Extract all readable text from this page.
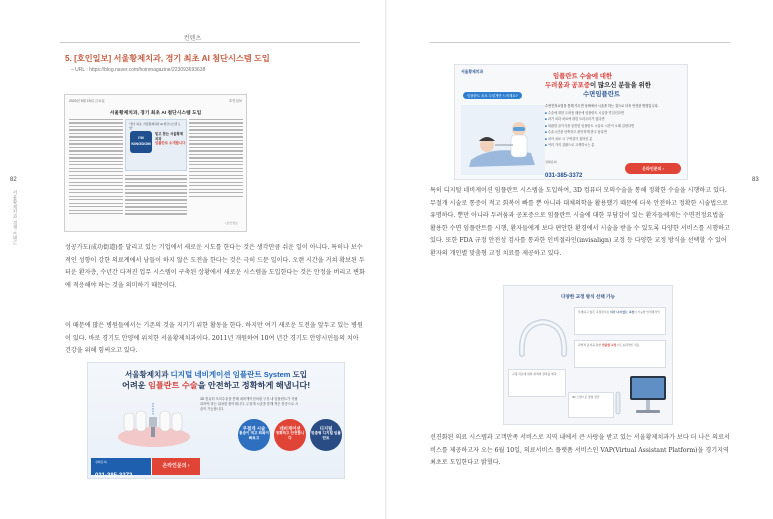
컨텐츠
82	83
서울황제치과 경쟁 브랜드
5. [호인일보] 서울황제치과, 경기 최초 AI 첨단시스템 도입
– URL : https://blog.naver.com/hoinmagazine/223093693638
2023년 5월 19일 금요일	호인일보
서울황제치과, 경기 최초 AI 첨단시스템 도입
"경기 최초, 서울황제치과 AI 첨단시스템 도입"
I'M KINGDOM
믿고 찾는 서울황제치과
임플란트 소개합니다
/ 호인일보

성공가도(成功街道)를 달리고 있는 기업에서 새로운 시도를 한다는 것은 생각만큼 쉬운 일이 아니다. 특히나 보수적인 성향이 강한 의료계에서 남들이 하지 않은 도전을 한다는 것은 극히 드문 일이다. 오랜 시간을 거쳐 확보된 두터운 환자층, 수년간 다져진 업무 시스템이 구축된 상황에서 새로운 시스템을 도입한다는 것은 안정을 버리고 변화에 적응해야 하는 것을 의미하기 때문이다.

이 때문에 많은 병원들에서는 기존의 것을 지키기 위한 활동을 한다. 하지만 여기 새로운 도전을 앞두고 있는 병원이 있다. 바로 경기도 안양에 위치한 서울황제치과이다. 2011년 개원하여 10여 년간 경기도 안양시민들의 치아 건강을 위해 힘써오고 있다.

서울황제치과 디지털 네비게이션 임플란트 System 도입
어려운 임플란트 수술을 안전하고 정확하게 해냅니다!
3D 컴퓨터 모의수술을 통해 네비게이션처럼 구강 내 임플란트가 식립되어야 하는 위치를 찾아냅니다. 무절개 시술을 통해 적은 통증으로 시술이 가능합니다.
무절개 시술
통증이 적고 회복이 빠르고
네비게이션
정확하고 안전합니다
디지털
맞춤형 디지털 임플란트
전화문의
031-385-3372
온라인문의 ›
서울황제치과
임플란트 수술에 대한
두려움과 공포증이 많으신 분들을 위한
수면임플란트
임플란트 치료 두렵게만 느끼세요?
수면전정요법을 통해 가수면 상태에서 시술을 하는 것으로 더욱 안전한 방법입니다.
■ 수술에 대한 두려움 때문에 임플란트 시술을 망설인다면
■ 과거 치과 치료에 대한 트라우마가 있다면
■ 복잡한 골이식을 동반한 임플란트 시술로 시간이 오래 걸린다면
■ 수술시간을 단축하고 편안하게 받고 싶다면
■ 치아 치료 시 구역질이 심하신 분
■ 여러 가지 질환으로 고생하시는 분
전화문의
031-385-3372
온라인문의 ›

특히 디지털 네비게이션 임플란트 시스템을 도입하여, 3D 컴퓨터 모의수술을 통해 정확한 수술을 시행하고 있다. 무절개 시술로 통증이 적고 회복이 빠를 뿐 아니라 대체의학을 활용했기 때문에 더욱 안전하고 정확한 시술법으로 유명하다. 뿐만 아니라 두려움과 공포증으로 임플란트 시술에 대한 부담감이 있는 환자들에게는 수면전정요법을 활용한 수면 임플란트를 시행, 환자들에게 보다 편안한 환경에서 시술을 받을 수 있도록 다양한 서비스를 시행하고 있다. 또한 FDA 규정 안전성 검사를 통과한 인비절라인(invisalign) 교정 등 다양한 교정 방식을 선택할 수 있어 환자의 개인별 맞춤형 교정 치료를 제공하고 있다.

다양한 교정 방식 선택 가능
투명하고 얇은 교정장치로 티가 나지 않는 교정이 가능한 인비절라인
과학적 분석을 통한 맞춤형 교정으로 효과적인 치료
교정 치료에 대한 최적의 결과를 예측
3D 스캔으로 정밀 진단

선진화된 의료 시스템과 고객만족 서비스로 지역 내에서 큰 사랑을 받고 있는 서울황제치과가 보다 더 나은 의료서비스를 제공하고자 오는 6월 10일, 의료서비스 플랫폼 서비스인 VAP(Virtual Assistant Platform)을 경기지역 최초로 도입한다고 밝혔다.
